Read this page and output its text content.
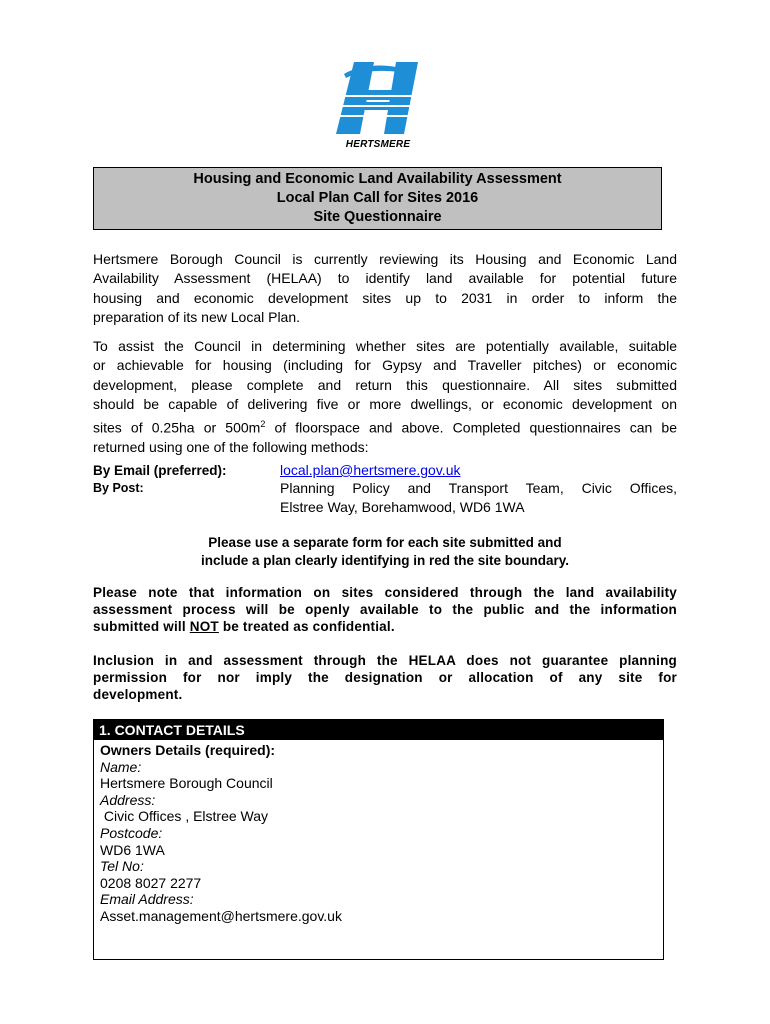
HERTSMERE
Housing and Economic Land Availability Assessment
Local Plan Call for Sites 2016
Site Questionnaire
Hertsmere Borough Council is currently reviewing its Housing and Economic Land
Availability Assessment (HELAA) to identify land available for potential future
housing and economic development sites up to 2031 in order to inform the
preparation of its new Local Plan.
To assist the Council in determining whether sites are potentially available, suitable
or achievable for housing (including for Gypsy and Traveller pitches) or economic
development, please complete and return this questionnaire. All sites submitted
should be capable of delivering five or more dwellings, or economic development on
sites of 0.25ha or $500m^2$ of floorspace and above. Completed questionnaires can be
returned using one of the following methods:
By Email (preferred):	local.plan@hertsmere.gov.uk
By Post:	Planning Policy and Transport Team, Civic Offices,
Elstree Way, Borehamwood, WD6 1WA
Please use a separate form for each site submitted and
include a plan clearly identifying in red the site boundary.
Please note that information on sites considered through the land availability
assessment process will be openly available to the public and the information
submitted will NOT be treated as confidential.
Inclusion in and assessment through the HELAA does not guarantee planning
permission for nor imply the designation or allocation of any site for
development.
1. CONTACT DETAILS
Owners Details (required):
Name:
Hertsmere Borough Council
Address:
Civic Offices , Elstree Way
Postcode:
WD6 1WA
Tel No:
0208 8027 2277
Email Address:
Asset.management@hertsmere.gov.uk
